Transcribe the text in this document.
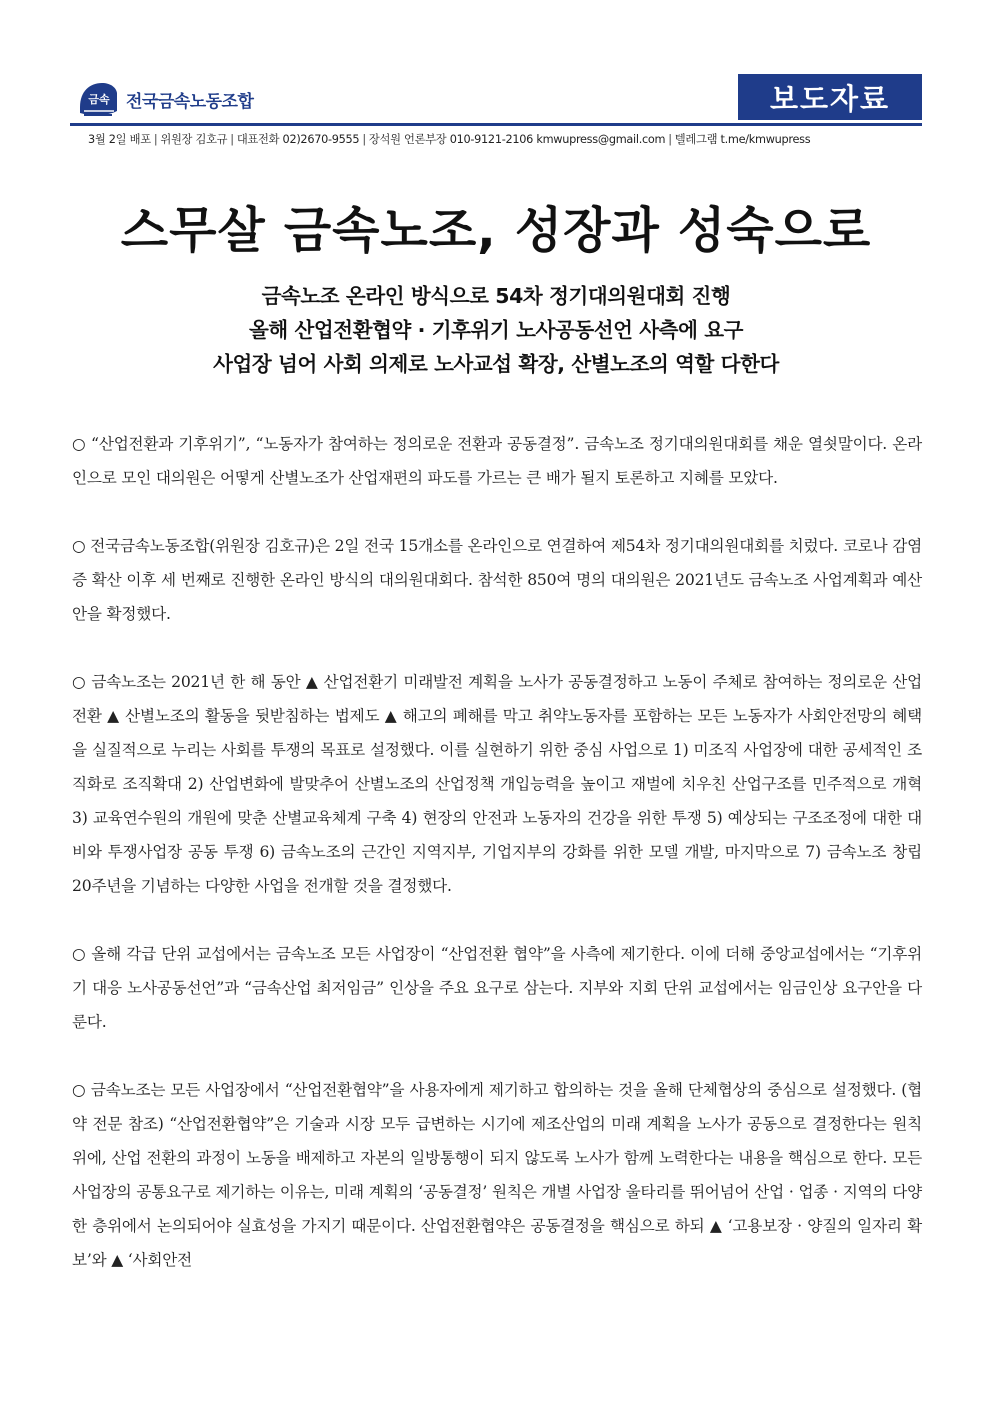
금속 전국금속노동조합	보도자료
3월 2일 배포 | 위원장 김호규 | 대표전화 02)2670-9555 | 장석원 언론부장 010-9121-2106 kmwupress@gmail.com | 텔레그램 t.me/kmwupress
스무살 금속노조, 성장과 성숙으로
금속노조 온라인 방식으로 54차 정기대의원대회 진행
올해 산업전환협약 · 기후위기 노사공동선언 사측에 요구
사업장 넘어 사회 의제로 노사교섭 확장, 산별노조의 역할 다한다

○ “산업전환과 기후위기”, “노동자가 참여하는 정의로운 전환과 공동결정”. 금속노조 정기대의원대회를 채운 열쇳말이다. 온라인으로 모인 대의원은 어떻게 산별노조가 산업재편의 파도를 가르는 큰 배가 될지 토론하고 지혜를 모았다.

○ 전국금속노동조합(위원장 김호규)은 2일 전국 15개소를 온라인으로 연결하여 제54차 정기대의원대회를 치렀다. 코로나 감염증 확산 이후 세 번째로 진행한 온라인 방식의 대의원대회다. 참석한 850여 명의 대의원은 2021년도 금속노조 사업계획과 예산안을 확정했다.

○ 금속노조는 2021년 한 해 동안 ▲ 산업전환기 미래발전 계획을 노사가 공동결정하고 노동이 주체로 참여하는 정의로운 산업전환 ▲ 산별노조의 활동을 뒷받침하는 법제도 ▲ 해고의 폐해를 막고 취약노동자를 포함하는 모든 노동자가 사회안전망의 혜택을 실질적으로 누리는 사회를 투쟁의 목표로 설정했다. 이를 실현하기 위한 중심 사업으로 1) 미조직 사업장에 대한 공세적인 조직화로 조직확대 2) 산업변화에 발맞추어 산별노조의 산업정책 개입능력을 높이고 재벌에 치우친 산업구조를 민주적으로 개혁 3) 교육연수원의 개원에 맞춘 산별교육체계 구축 4) 현장의 안전과 노동자의 건강을 위한 투쟁 5) 예상되는 구조조정에 대한 대비와 투쟁사업장 공동 투쟁 6) 금속노조의 근간인 지역지부, 기업지부의 강화를 위한 모델 개발, 마지막으로 7) 금속노조 창립 20주년을 기념하는 다양한 사업을 전개할 것을 결정했다.

○ 올해 각급 단위 교섭에서는 금속노조 모든 사업장이 “산업전환 협약”을 사측에 제기한다. 이에 더해 중앙교섭에서는 “기후위기 대응 노사공동선언”과 “금속산업 최저임금” 인상을 주요 요구로 삼는다. 지부와 지회 단위 교섭에서는 임금인상 요구안을 다룬다.

○ 금속노조는 모든 사업장에서 “산업전환협약”을 사용자에게 제기하고 합의하는 것을 올해 단체협상의 중심으로 설정했다. (협약 전문 참조) “산업전환협약”은 기술과 시장 모두 급변하는 시기에 제조산업의 미래 계획을 노사가 공동으로 결정한다는 원칙 위에, 산업 전환의 과정이 노동을 배제하고 자본의 일방통행이 되지 않도록 노사가 함께 노력한다는 내용을 핵심으로 한다. 모든 사업장의 공통요구로 제기하는 이유는, 미래 계획의 ‘공동결정’ 원칙은 개별 사업장 울타리를 뛰어넘어 산업 · 업종 · 지역의 다양한 층위에서 논의되어야 실효성을 가지기 때문이다. 산업전환협약은 공동결정을 핵심으로 하되 ▲ ‘고용보장 · 양질의 일자리 확보’와 ▲ ‘사회안전
